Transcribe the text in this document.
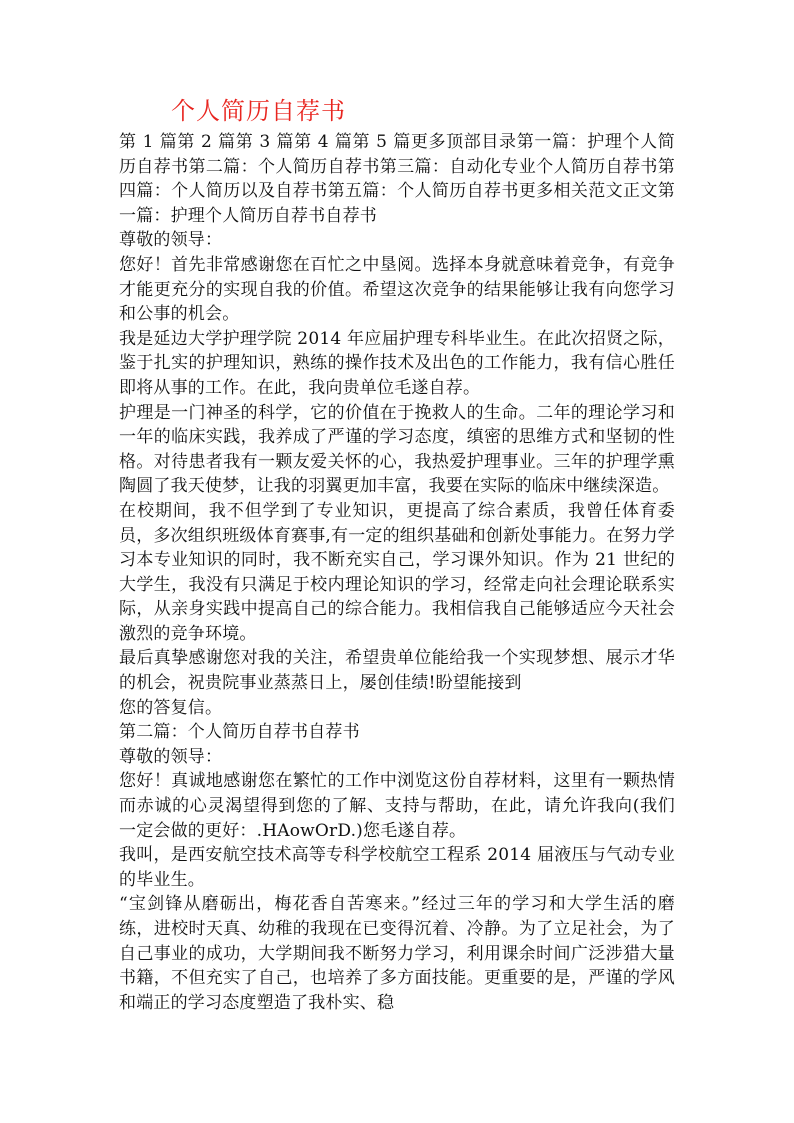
个人简历自荐书

第 1 篇第 2 篇第 3 篇第 4 篇第 5 篇更多顶部目录第一篇：护理个人简历自荐书第二篇：个人简历自荐书第三篇：自动化专业个人简历自荐书第四篇：个人简历以及自荐书第五篇：个人简历自荐书更多相关范文正文第一篇：护理个人简历自荐书自荐书

尊敬的领导：

您好！首先非常感谢您在百忙之中垦阅。选择本身就意味着竞争，有竞争才能更充分的实现自我的价值。希望这次竞争的结果能够让我有向您学习和公事的机会。

我是延边大学护理学院 2014 年应届护理专科毕业生。在此次招贤之际，鉴于扎实的护理知识，熟练的操作技术及出色的工作能力，我有信心胜任即将从事的工作。在此，我向贵单位毛遂自荐。

护理是一门神圣的科学，它的价值在于挽救人的生命。二年的理论学习和一年的临床实践，我养成了严谨的学习态度，缜密的思维方式和坚韧的性格。对待患者我有一颗友爱关怀的心，我热爱护理事业。三年的护理学熏陶圆了我天使梦，让我的羽翼更加丰富，我要在实际的临床中继续深造。

在校期间，我不但学到了专业知识，更提高了综合素质，我曾任体育委员，多次组织班级体育赛事,有一定的组织基础和创新处事能力。在努力学习本专业知识的同时，我不断充实自己，学习课外知识。作为 21 世纪的大学生，我没有只满足于校内理论知识的学习，经常走向社会理论联系实际，从亲身实践中提高自己的综合能力。我相信我自己能够适应今天社会激烈的竞争环境。

最后真挚感谢您对我的关注，希望贵单位能给我一个实现梦想、展示才华的机会，祝贵院事业蒸蒸日上，屡创佳绩!盼望能接到

您的答复信。

第二篇：个人简历自荐书自荐书

尊敬的领导：

您好！真诚地感谢您在繁忙的工作中浏览这份自荐材料，这里有一颗热情而赤诚的心灵渴望得到您的了解、支持与帮助，在此，请允许我向(我们一定会做的更好：.HAowOrD.)您毛遂自荐。

我叫，是西安航空技术高等专科学校航空工程系 2014 届液压与气动专业的毕业生。

“宝剑锋从磨砺出，梅花香自苦寒来。”经过三年的学习和大学生活的磨练，进校时天真、幼稚的我现在已变得沉着、冷静。为了立足社会，为了自己事业的成功，大学期间我不断努力学习，利用课余时间广泛涉猎大量书籍，不但充实了自己，也培养了多方面技能。更重要的是，严谨的学风和端正的学习态度塑造了我朴实、稳
